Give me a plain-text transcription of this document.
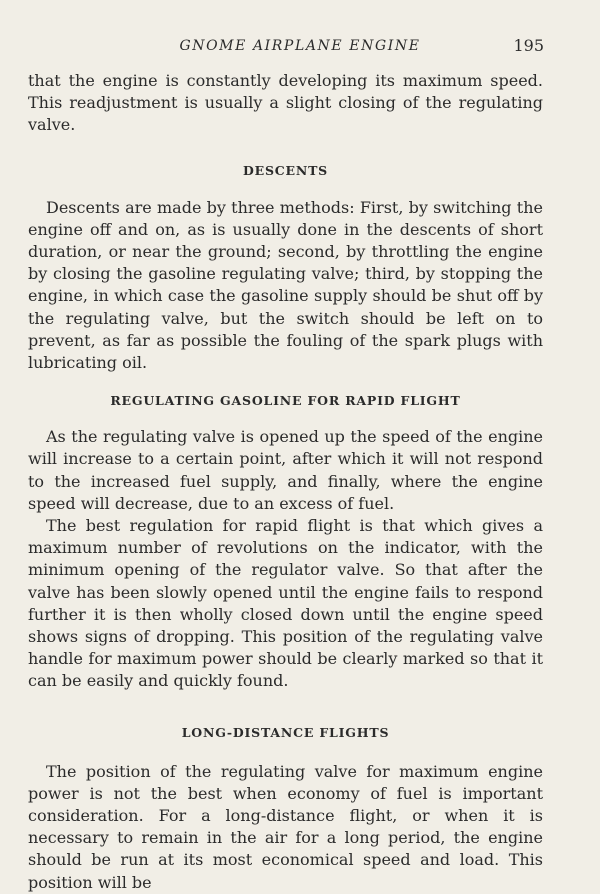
GNOME AIRPLANE ENGINE	195

that the engine is constantly developing its maximum speed. This readjustment is usually a slight closing of the regulating valve.

DESCENTS

Descents are made by three methods: First, by switching the engine off and on, as is usually done in the descents of short duration, or near the ground; second, by throttling the engine by closing the gasoline regulating valve; third, by stopping the engine, in which case the gasoline supply should be shut off by the regulating valve, but the switch should be left on to prevent, as far as possible the fouling of the spark plugs with lubricating oil.

REGULATING GASOLINE FOR RAPID FLIGHT

As the regulating valve is opened up the speed of the engine will increase to a certain point, after which it will not respond to the increased fuel supply, and finally, where the engine speed will decrease, due to an excess of fuel.

The best regulation for rapid flight is that which gives a maximum number of revolutions on the indicator, with the minimum opening of the regulator valve. So that after the valve has been slowly opened until the engine fails to respond further it is then wholly closed down until the engine speed shows signs of dropping. This position of the regulating valve handle for maximum power should be clearly marked so that it can be easily and quickly found.

LONG-DISTANCE FLIGHTS

The position of the regulating valve for maximum engine power is not the best when economy of fuel is important consideration. For a long-distance flight, or when it is necessary to remain in the air for a long period, the engine should be run at its most economical speed and load. This position will be
